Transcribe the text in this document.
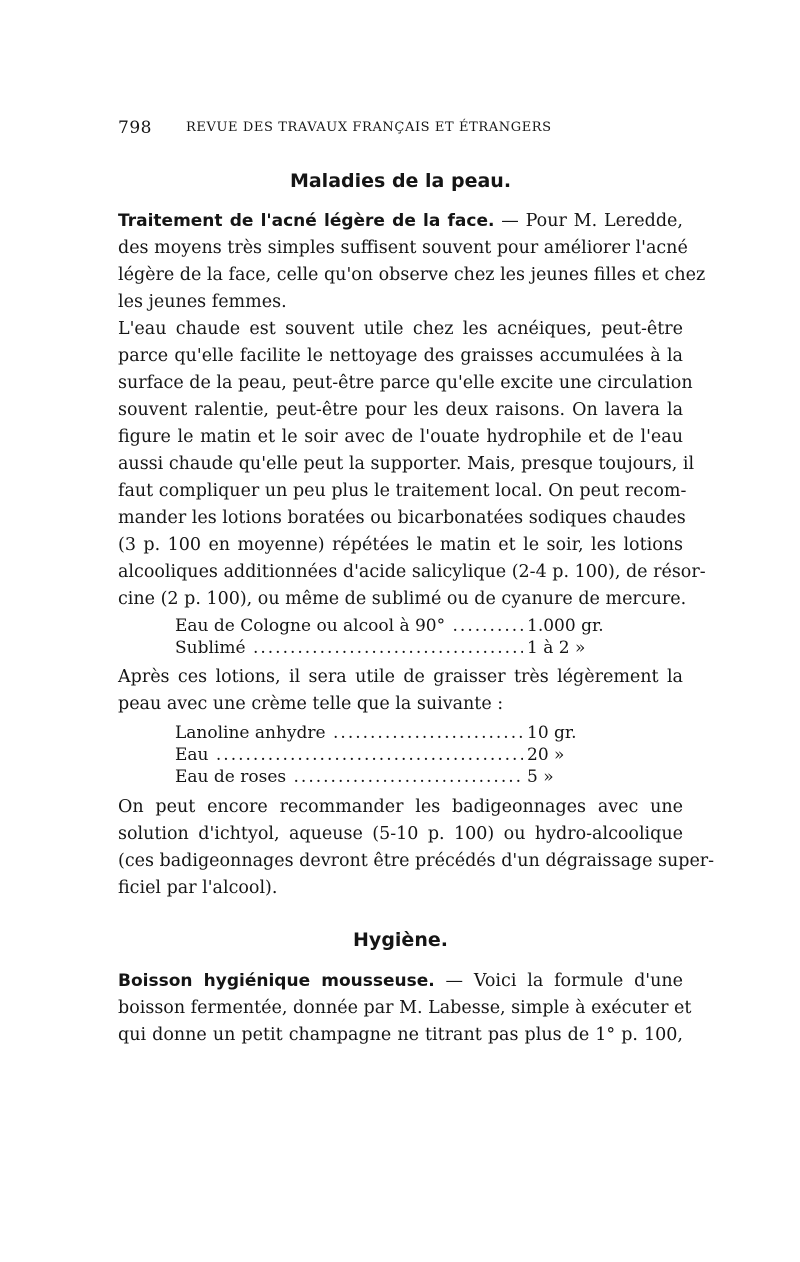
798	REVUE DES TRAVAUX FRANÇAIS ET ÉTRANGERS
Maladies de la peau.
Traitement de l'acné légère de la face. — Pour M. Leredde,
des moyens très simples suffisent souvent pour améliorer l'acné
légère de la face, celle qu'on observe chez les jeunes filles et chez
les jeunes femmes.
L'eau chaude est souvent utile chez les acnéiques, peut-être
parce qu'elle facilite le nettoyage des graisses accumulées à la
surface de la peau, peut-être parce qu'elle excite une circulation
souvent ralentie, peut-être pour les deux raisons. On lavera la
figure le matin et le soir avec de l'ouate hydrophile et de l'eau
aussi chaude qu'elle peut la supporter. Mais, presque toujours, il
faut compliquer un peu plus le traitement local. On peut recom-
mander les lotions boratées ou bicarbonatées sodiques chaudes
(3 p. 100 en moyenne) répétées le matin et le soir, les lotions
alcooliques additionnées d'acide salicylique (2-4 p. 100), de résor-
cine (2 p. 100), ou même de sublimé ou de cyanure de mercure.
Eau de Cologne ou alcool à 90° .....	1.000 gr.
Sublimé .....	1 à 2 »
Après ces lotions, il sera utile de graisser très légèrement la
peau avec une crème telle que la suivante :
Lanoline anhydre .....	10 gr.
Eau .....	20 »
Eau de roses .....	5 »
On peut encore recommander les badigeonnages avec une
solution d'ichtyol, aqueuse (5-10 p. 100) ou hydro-alcoolique
(ces badigeonnages devront être précédés d'un dégraissage super-
ficiel par l'alcool).
Hygiène.
Boisson hygiénique mousseuse. — Voici la formule d'une
boisson fermentée, donnée par M. Labesse, simple à exécuter et
qui donne un petit champagne ne titrant pas plus de 1° p. 100,
